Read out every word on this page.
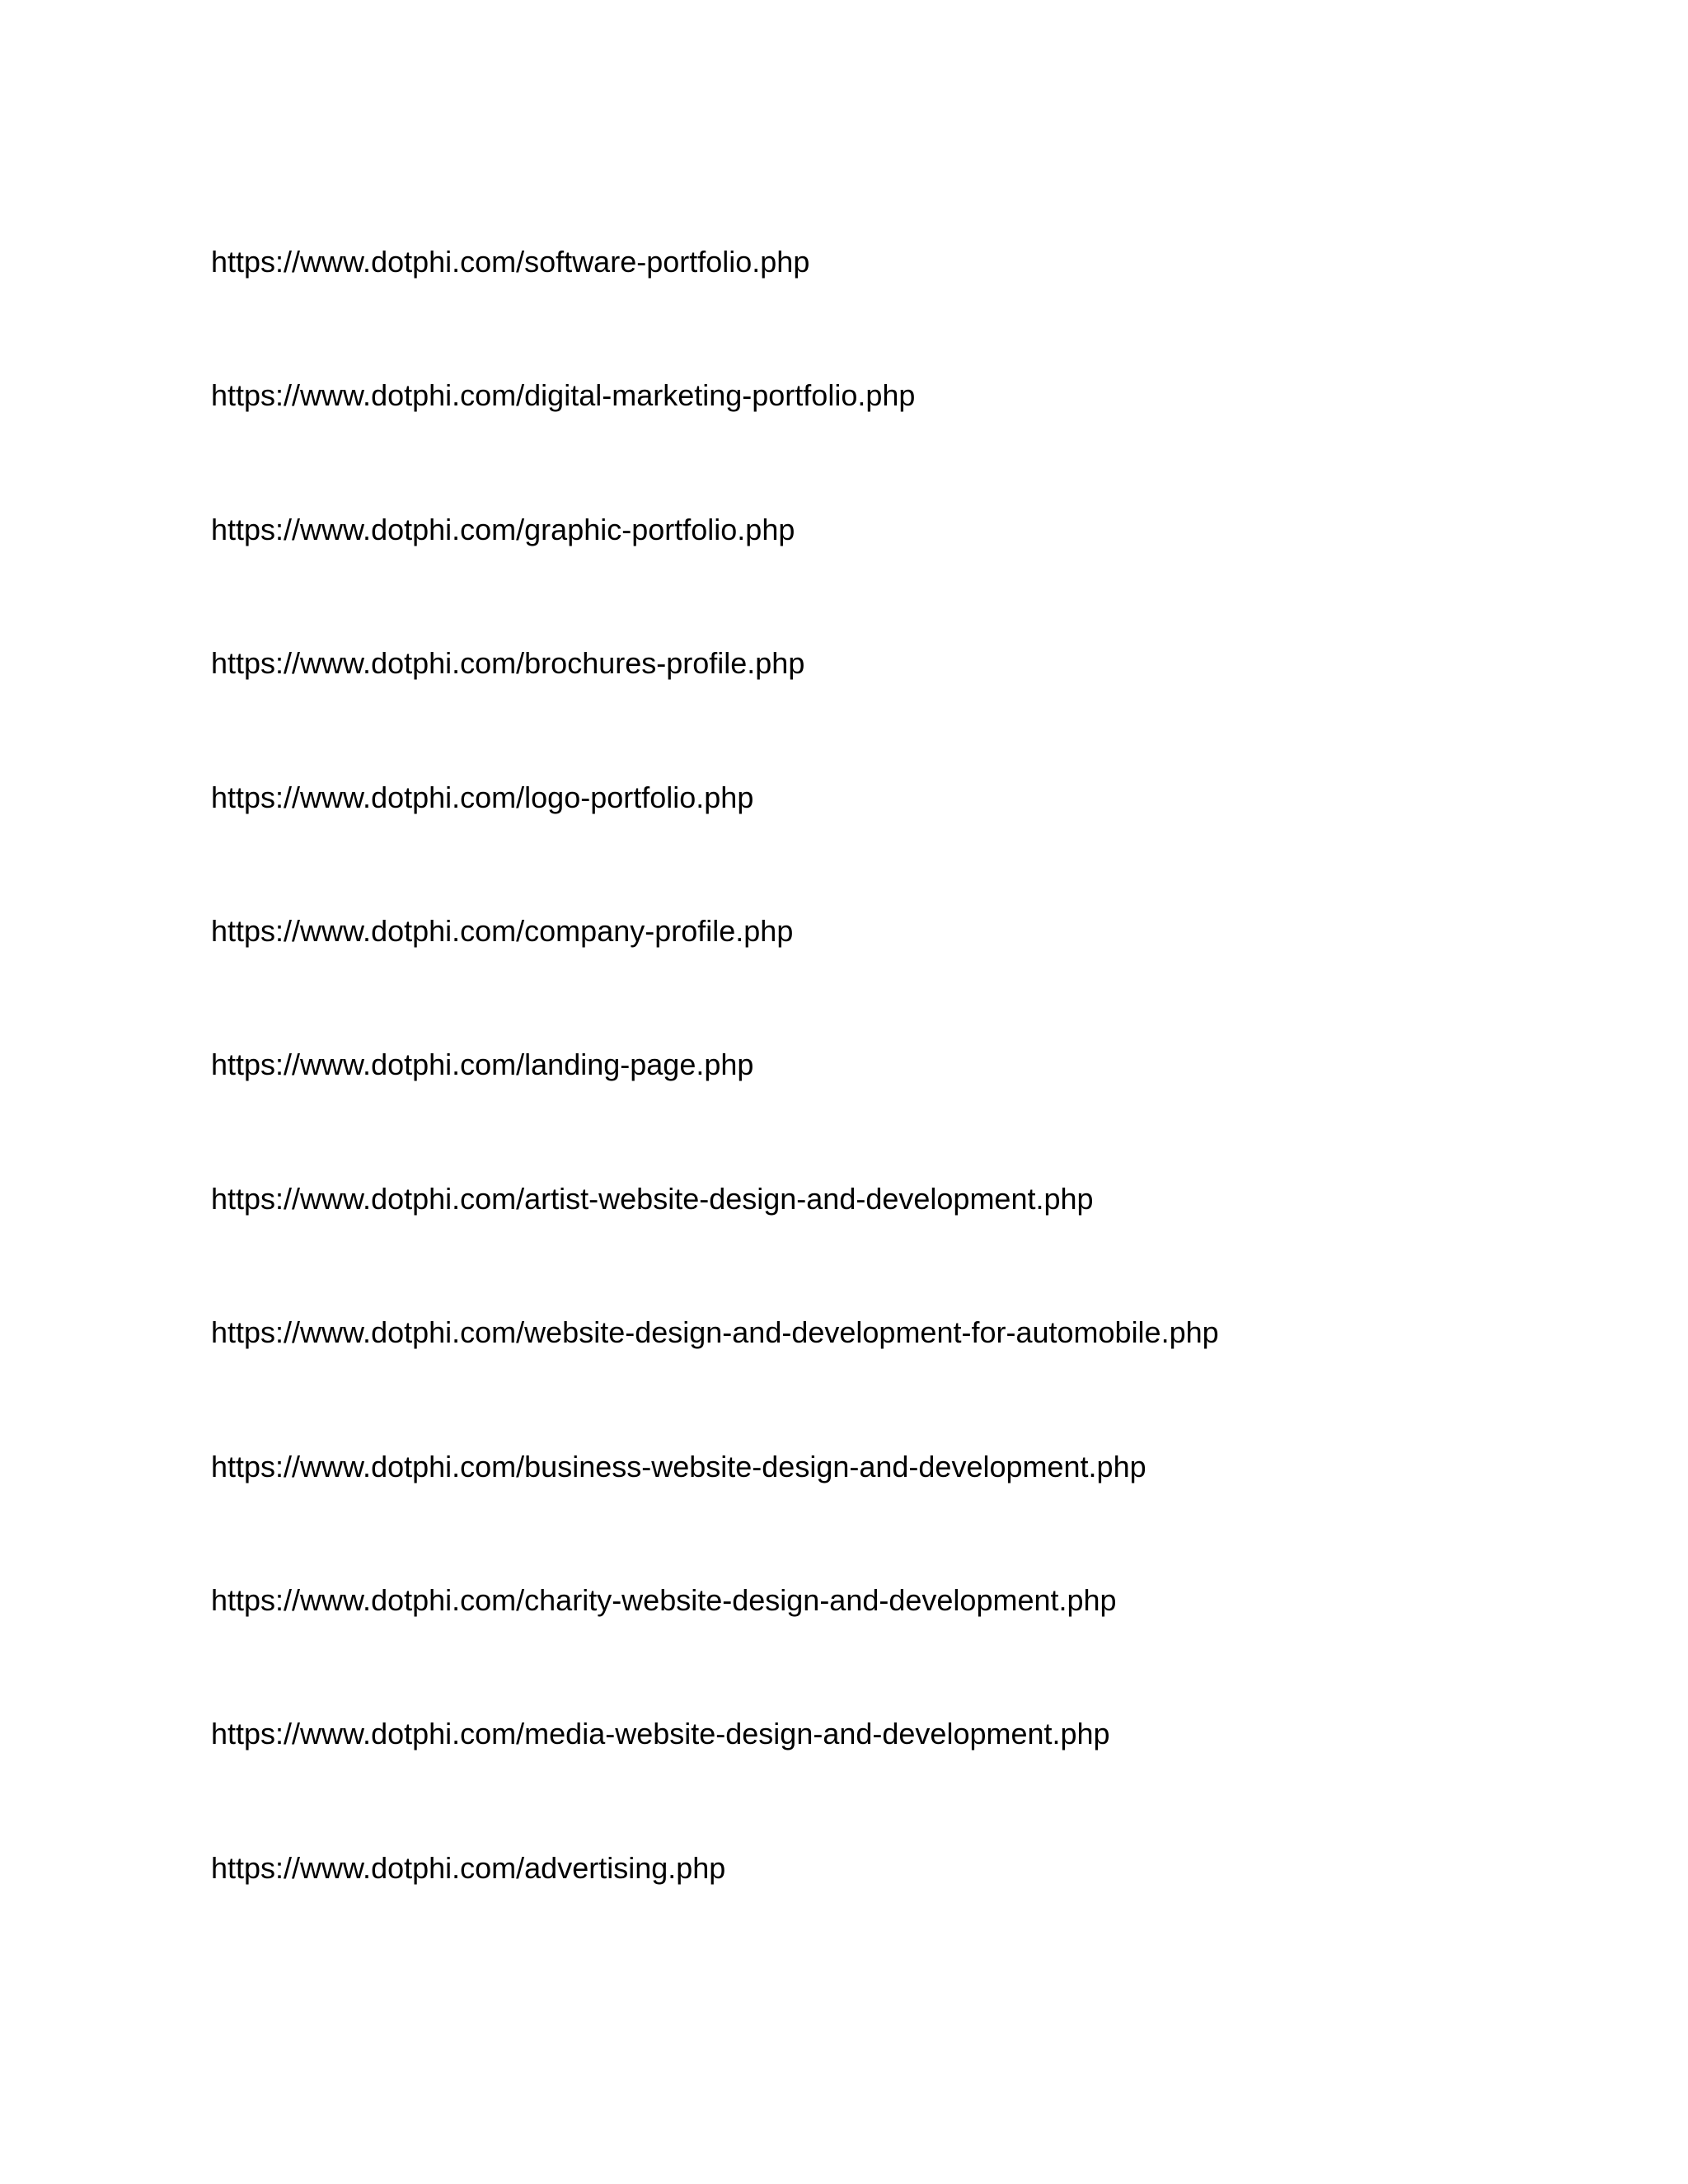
https://www.dotphi.com/software-portfolio.php
https://www.dotphi.com/digital-marketing-portfolio.php
https://www.dotphi.com/graphic-portfolio.php
https://www.dotphi.com/brochures-profile.php
https://www.dotphi.com/logo-portfolio.php
https://www.dotphi.com/company-profile.php
https://www.dotphi.com/landing-page.php
https://www.dotphi.com/artist-website-design-and-development.php
https://www.dotphi.com/website-design-and-development-for-automobile.php
https://www.dotphi.com/business-website-design-and-development.php
https://www.dotphi.com/charity-website-design-and-development.php
https://www.dotphi.com/media-website-design-and-development.php
https://www.dotphi.com/advertising.php
